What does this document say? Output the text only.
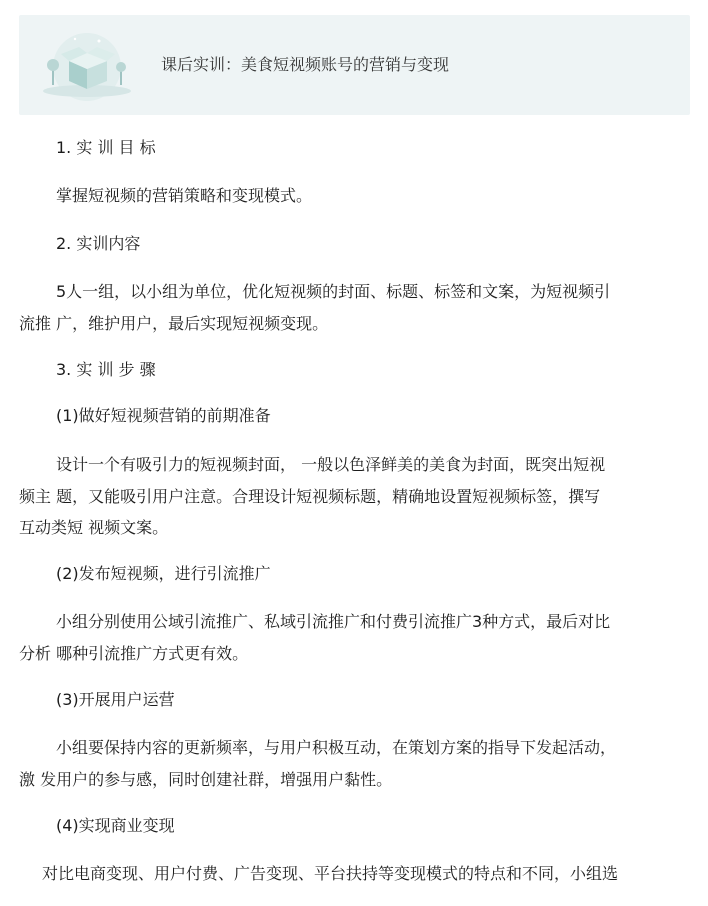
课后实训：美食短视频账号的营销与变现
1. 实 训 目 标
掌握短视频的营销策略和变现模式。
2. 实训内容
5人一组，以小组为单位，优化短视频的封面、标题、标签和文案，为短视频引
流推 广，维护用户，最后实现短视频变现。
3. 实 训 步 骤
(1)做好短视频营销的前期准备
设计一个有吸引力的短视频封面， 一般以色泽鲜美的美食为封面，既突出短视
频主 题，又能吸引用户注意。合理设计短视频标题，精确地设置短视频标签，撰写
互动类短 视频文案。
(2)发布短视频，进行引流推广
小组分别使用公域引流推广、私域引流推广和付费引流推广3种方式，最后对比
分析 哪种引流推广方式更有效。
(3)开展用户运营
小组要保持内容的更新频率，与用户积极互动，在策划方案的指导下发起活动，
激 发用户的参与感，同时创建社群，增强用户黏性。
(4)实现商业变现
对比电商变现、用户付费、广告变现、平台扶持等变现模式的特点和不同，小组选
